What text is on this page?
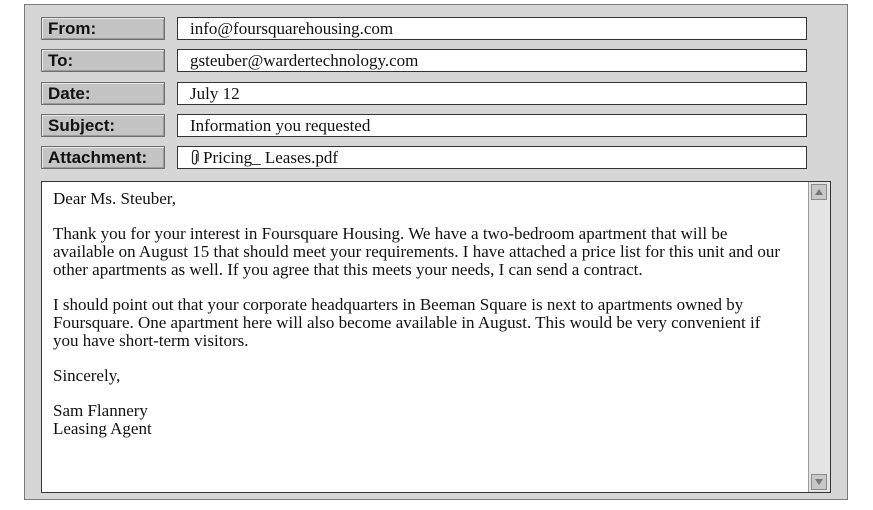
From:	info@foursquarehousing.com
To:	gsteuber@wardertechnology.com
Date:	July 12
Subject:	Information you requested
Attachment:	Pricing_ Leases.pdf

Dear Ms. Steuber,

Thank you for your interest in Foursquare Housing. We have a two-bedroom apartment that will be available on August 15 that should meet your requirements. I have attached a price list for this unit and our other apartments as well. If you agree that this meets your needs, I can send a contract.

I should point out that your corporate headquarters in Beeman Square is next to apartments owned by Foursquare. One apartment here will also become available in August. This would be very convenient if you have short-term visitors.

Sincerely,

Sam Flannery

Leasing Agent
